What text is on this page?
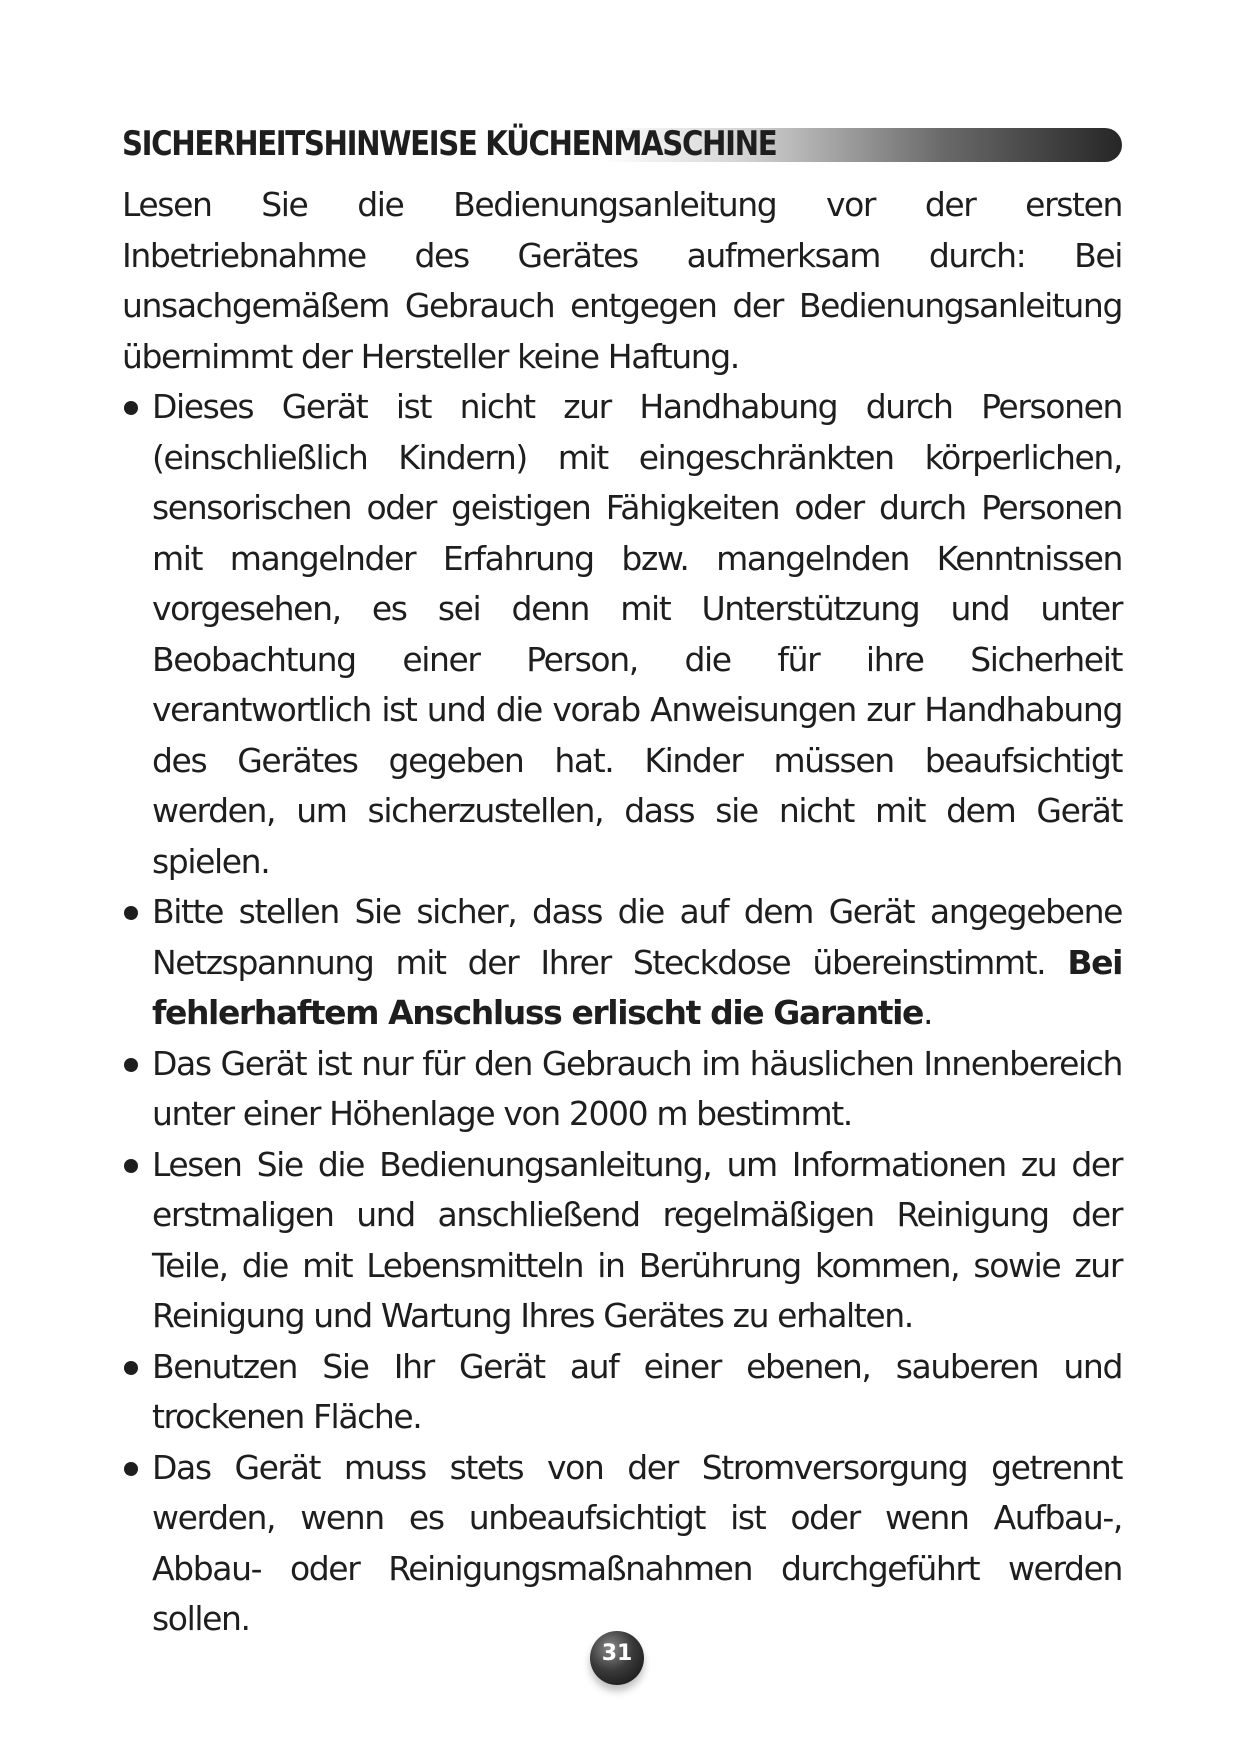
SICHERHEITSHINWEISE KÜCHENMASCHINE

Lesen Sie die Bedienungsanleitung vor der ersten Inbetriebnahme des Gerätes aufmerksam durch: Bei unsachgemäßem Gebrauch entgegen der Bedienungsanleitung übernimmt der Hersteller keine Haftung.

Dieses Gerät ist nicht zur Handhabung durch Personen (einschließlich Kindern) mit eingeschränkten körperlichen, sensorischen oder geistigen Fähigkeiten oder durch Personen mit mangelnder Erfahrung bzw. mangelnden Kenntnissen vorgesehen, es sei denn mit Unterstützung und unter Beobachtung einer Person, die für ihre Sicherheit verantwortlich ist und die vorab Anweisungen zur Handhabung des Gerätes gegeben hat. Kinder müssen beaufsichtigt werden, um sicherzustellen, dass sie nicht mit dem Gerät spielen.

Bitte stellen Sie sicher, dass die auf dem Gerät angegebene Netzspannung mit der Ihrer Steckdose übereinstimmt. Bei fehlerhaftem Anschluss erlischt die Garantie.

Das Gerät ist nur für den Gebrauch im häuslichen Innenbereich unter einer Höhenlage von 2000 m bestimmt.

Lesen Sie die Bedienungsanleitung, um Informationen zu der erstmaligen und anschließend regelmäßigen Reinigung der Teile, die mit Lebensmitteln in Berührung kommen, sowie zur Reinigung und Wartung Ihres Gerätes zu erhalten.

Benutzen Sie Ihr Gerät auf einer ebenen, sauberen und trockenen Fläche.

Das Gerät muss stets von der Stromversorgung getrennt werden, wenn es unbeaufsichtigt ist oder wenn Aufbau-, Abbau- oder Reinigungsmaßnahmen durchgeführt werden sollen.

31
